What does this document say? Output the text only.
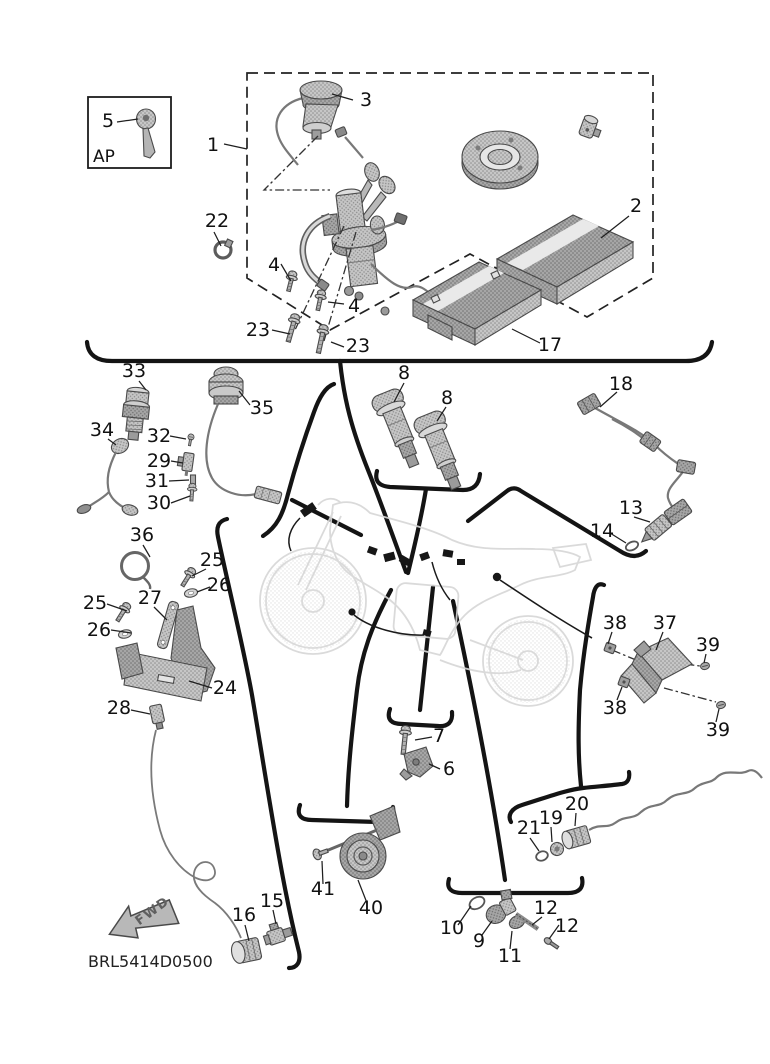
AP
FWD
BRL5414D0500
5
1
3
22
4
4
23
23
2
17
33
34 32
29
31
30
35
8
8
18
13
14
36
25
26
25
26
27
24
28
38 37
39
38
39
7
6
21
19
20
41
40
10
9
11
12
12
16
15
